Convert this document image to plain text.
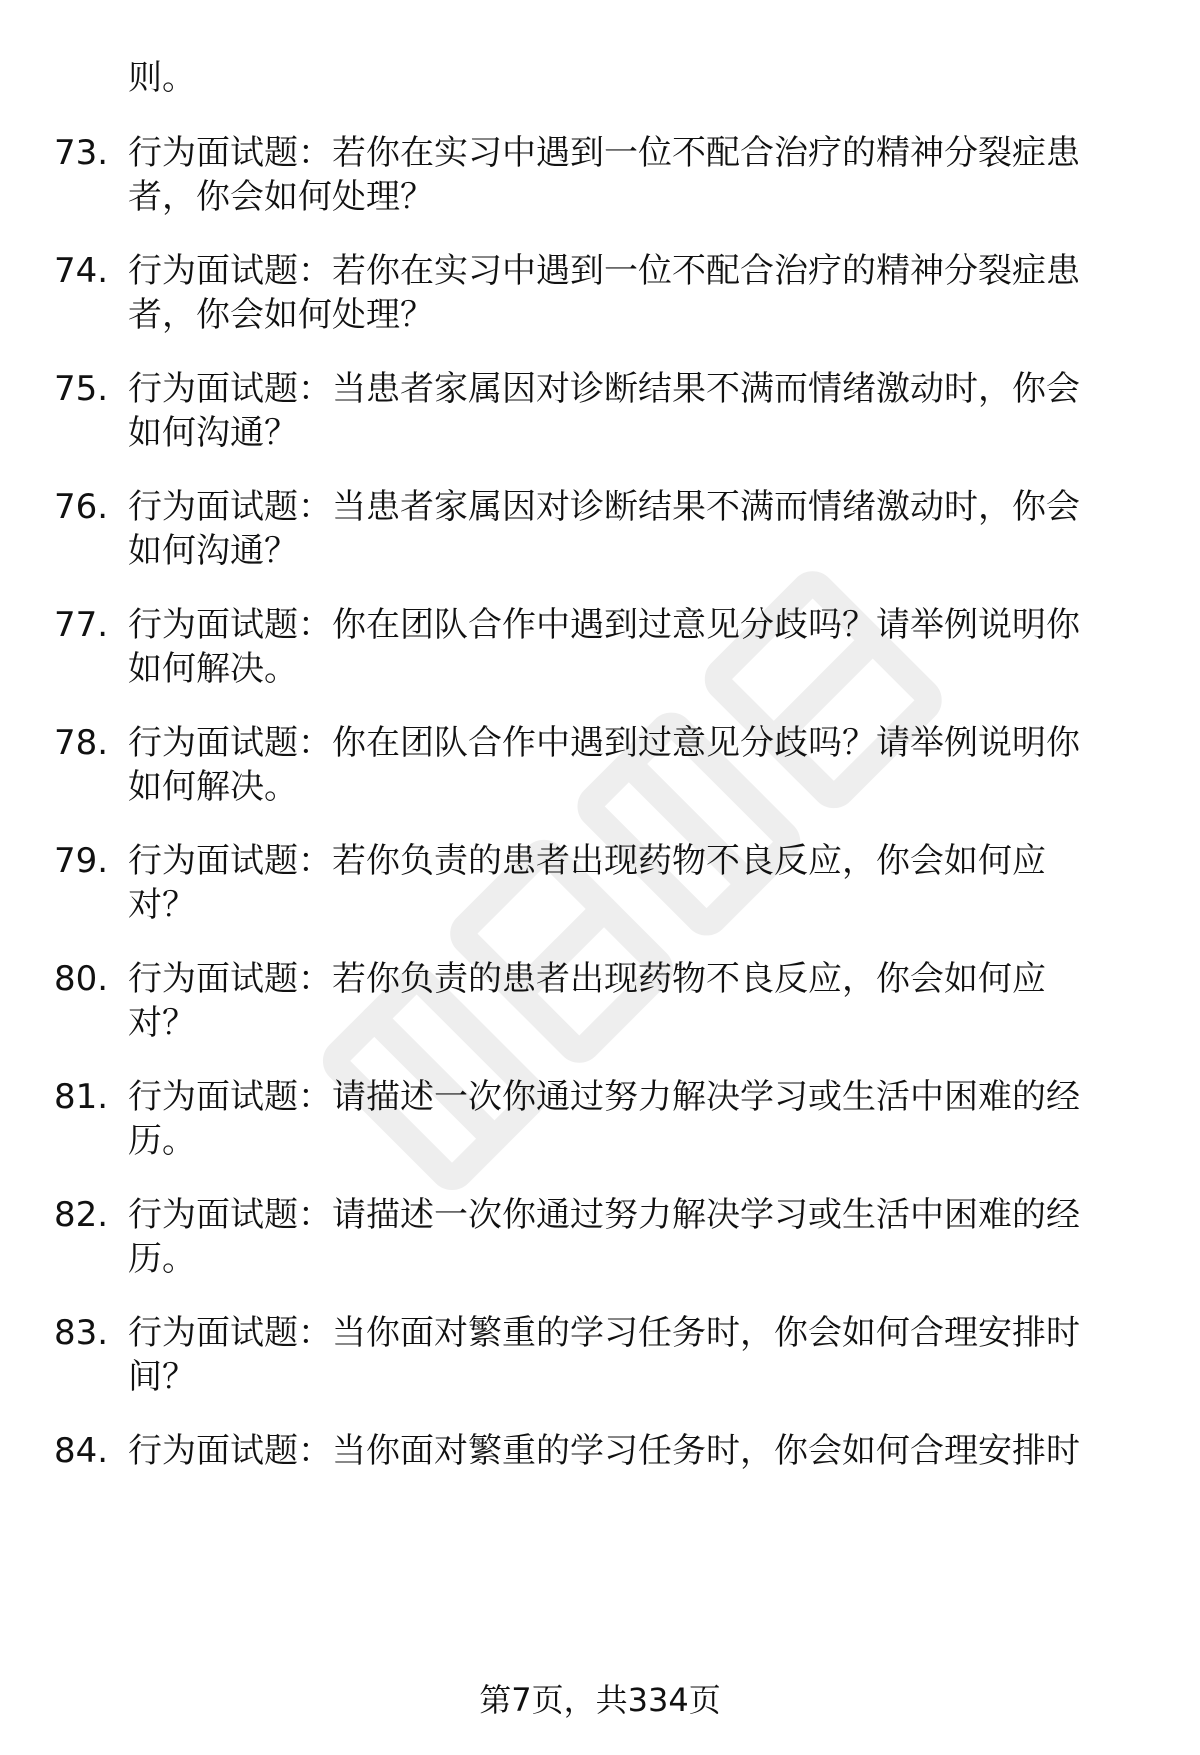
则。
73. 行为面试题：若你在实习中遇到一位不配合治疗的精神分裂症患
者，你会如何处理？
74. 行为面试题：若你在实习中遇到一位不配合治疗的精神分裂症患
者，你会如何处理？
75. 行为面试题：当患者家属因对诊断结果不满而情绪激动时，你会
如何沟通？
76. 行为面试题：当患者家属因对诊断结果不满而情绪激动时，你会
如何沟通？
77. 行为面试题：你在团队合作中遇到过意见分歧吗？请举例说明你
如何解决。
78. 行为面试题：你在团队合作中遇到过意见分歧吗？请举例说明你
如何解决。
79. 行为面试题：若你负责的患者出现药物不良反应，你会如何应
对？
80. 行为面试题：若你负责的患者出现药物不良反应，你会如何应
对？
81. 行为面试题：请描述一次你通过努力解决学习或生活中困难的经
历。
82. 行为面试题：请描述一次你通过努力解决学习或生活中困难的经
历。
83. 行为面试题：当你面对繁重的学习任务时，你会如何合理安排时
间？
84. 行为面试题：当你面对繁重的学习任务时，你会如何合理安排时
第7页，共334页
